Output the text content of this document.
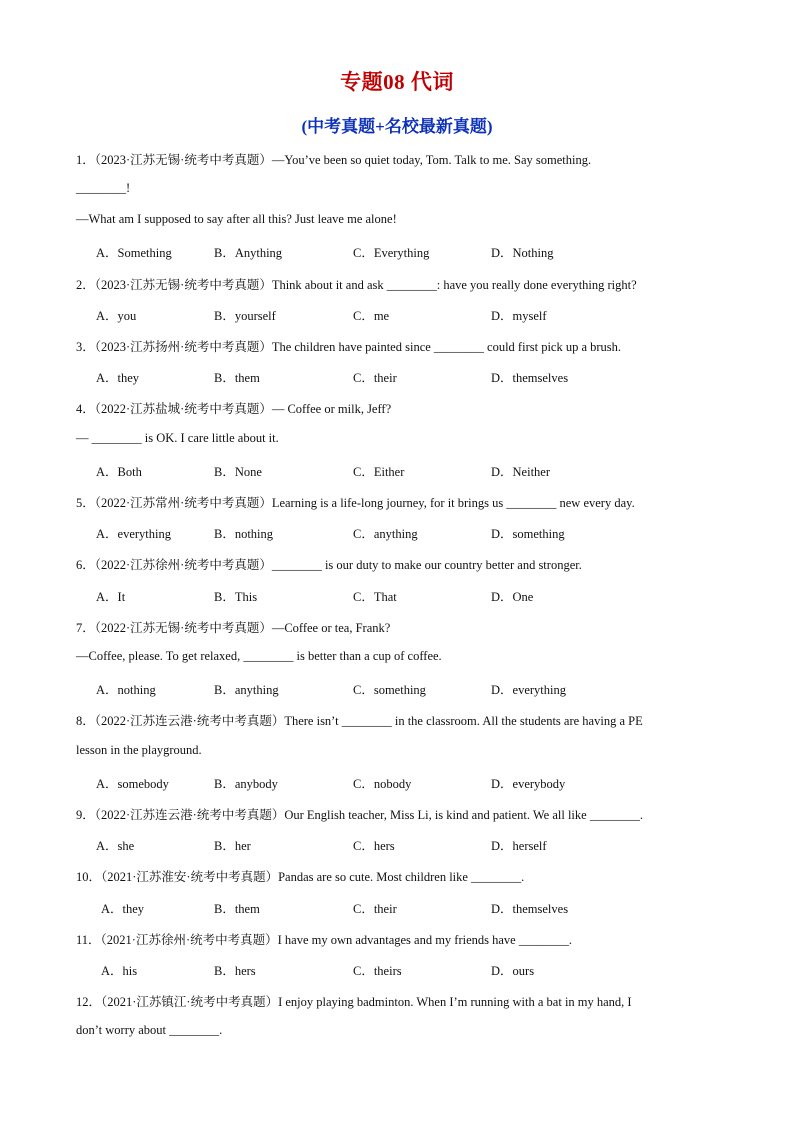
专题08 代词
(中考真题+名校最新真题)
1．（2023·江苏无锡·统考中考真题）—You’ve been so quiet today, Tom. Talk to me. Say something.
________!
—What am I supposed to say after all this? Just leave me alone!
A．Something	B．Anything	C．Everything	D．Nothing
2．（2023·江苏无锡·统考中考真题）Think about it and ask ________: have you really done everything right?
A．you	B．yourself	C．me	D．myself
3．（2023·江苏扬州·统考中考真题）The children have painted since ________ could first pick up a brush.
A．they	B．them	C．their	D．themselves
4．（2022·江苏盐城·统考中考真题）— Coffee or milk, Jeff?
— ________ is OK. I care little about it.
A．Both	B．None	C．Either	D．Neither
5．（2022·江苏常州·统考中考真题）Learning is a life-long journey, for it brings us ________ new every day.
A．everything	B．nothing	C．anything	D．something
6．（2022·江苏徐州·统考中考真题）________ is our duty to make our country better and stronger.
A．It	B．This	C．That	D．One
7．（2022·江苏无锡·统考中考真题）—Coffee or tea, Frank?
—Coffee, please. To get relaxed, ________ is better than a cup of coffee.
A．nothing	B．anything	C．something	D．everything
8．（2022·江苏连云港·统考中考真题）There isn’t ________ in the classroom. All the students are having a PE
lesson in the playground.
A．somebody	B．anybody	C．nobody	D．everybody
9．（2022·江苏连云港·统考中考真题）Our English teacher, Miss Li, is kind and patient. We all like ________.
A．she	B．her	C．hers	D．herself
10．（2021·江苏淮安·统考中考真题）Pandas are so cute. Most children like ________.
A．they	B．them	C．their	D．themselves
11．（2021·江苏徐州·统考中考真题）I have my own advantages and my friends have ________.
A．his	B．hers	C．theirs	D．ours
12．（2021·江苏镇江·统考中考真题）I enjoy playing badminton. When I’m running with a bat in my hand, I
don’t worry about ________.
